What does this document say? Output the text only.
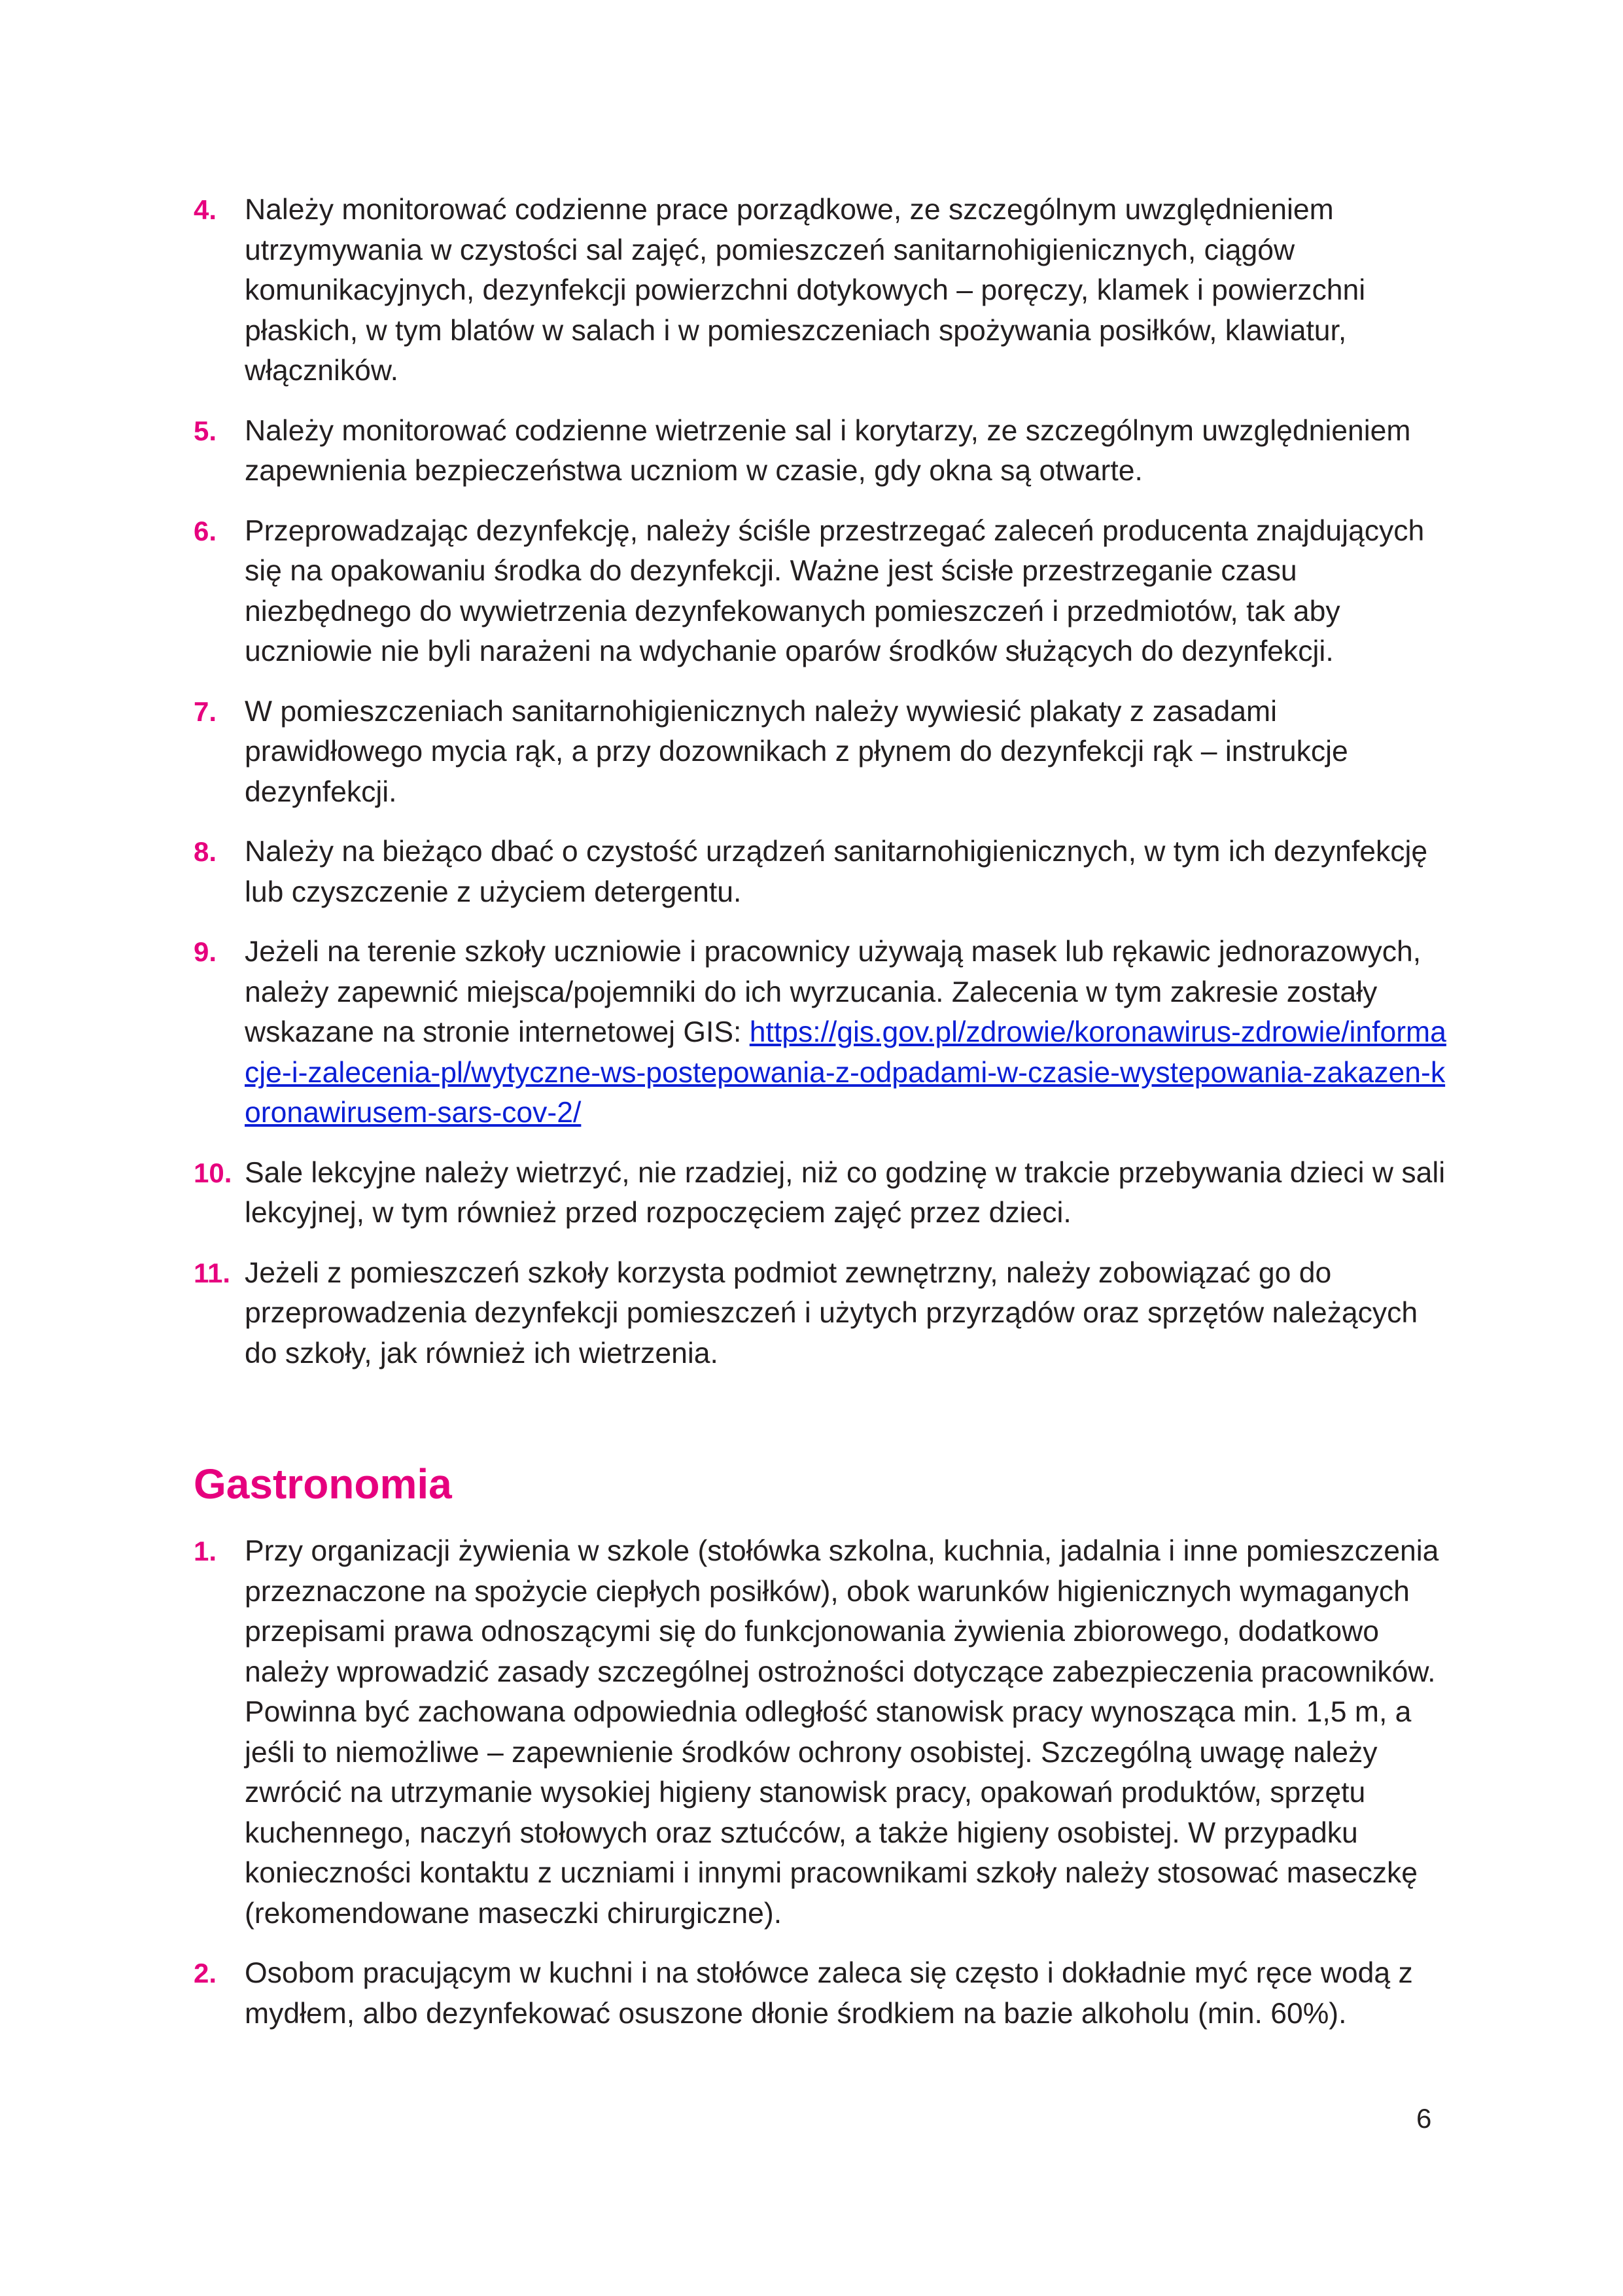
4. Należy monitorować codzienne prace porządkowe, ze szczególnym uwzględnieniem utrzymywania w czystości sal zajęć, pomieszczeń sanitarnohigienicznych, ciągów komunikacyjnych, dezynfekcji powierzchni dotykowych – poręczy, klamek i powierzchni płaskich, w tym blatów w salach i w pomieszczeniach spożywania posiłków, klawiatur, włączników.
5. Należy monitorować codzienne wietrzenie sal i korytarzy, ze szczególnym uwzględnieniem zapewnienia bezpieczeństwa uczniom w czasie, gdy okna są otwarte.
6. Przeprowadzając dezynfekcję, należy ściśle przestrzegać zaleceń producenta znajdujących się na opakowaniu środka do dezynfekcji. Ważne jest ścisłe przestrzeganie czasu niezbędnego do wywietrzenia dezynfekowanych pomieszczeń i przedmiotów, tak aby uczniowie nie byli narażeni na wdychanie oparów środków służących do dezynfekcji.
7. W pomieszczeniach sanitarnohigienicznych należy wywiesić plakaty z zasadami prawidłowego mycia rąk, a przy dozownikach z płynem do dezynfekcji rąk – instrukcje dezynfekcji.
8. Należy na bieżąco dbać o czystość urządzeń sanitarnohigienicznych, w tym ich dezynfekcję lub czyszczenie z użyciem detergentu.
9. Jeżeli na terenie szkoły uczniowie i pracownicy używają masek lub rękawic jednorazowych, należy zapewnić miejsca/pojemniki do ich wyrzucania. Zalecenia w tym zakresie zostały wskazane na stronie internetowej GIS: https://gis.gov.pl/zdrowie/koronawirus-zdrowie/informacje-i-zalecenia-pl/wytyczne-ws-postepowania-z-odpadami-w-czasie-wystepowania-zakazen-koronawirusem-sars-cov-2/
10. Sale lekcyjne należy wietrzyć, nie rzadziej, niż co godzinę w trakcie przebywania dzieci w sali lekcyjnej, w tym również przed rozpoczęciem zajęć przez dzieci.
11. Jeżeli z pomieszczeń szkoły korzysta podmiot zewnętrzny, należy zobowiązać go do przeprowadzenia dezynfekcji pomieszczeń i użytych przyrządów oraz sprzętów należących do szkoły, jak również ich wietrzenia.
Gastronomia
1. Przy organizacji żywienia w szkole (stołówka szkolna, kuchnia, jadalnia i inne pomieszczenia przeznaczone na spożycie ciepłych posiłków), obok warunków higienicznych wymaganych przepisami prawa odnoszącymi się do funkcjonowania żywienia zbiorowego, dodatkowo należy wprowadzić zasady szczególnej ostrożności dotyczące zabezpieczenia pracowników. Powinna być zachowana odpowiednia odległość stanowisk pracy wynosząca min. 1,5 m, a jeśli to niemożliwe – zapewnienie środków ochrony osobistej. Szczególną uwagę należy zwrócić na utrzymanie wysokiej higieny stanowisk pracy, opakowań produktów, sprzętu kuchennego, naczyń stołowych oraz sztućców, a także higieny osobistej. W przypadku konieczności kontaktu z uczniami i innymi pracownikami szkoły należy stosować maseczkę (rekomendowane maseczki chirurgiczne).
2. Osobom pracującym w kuchni i na stołówce zaleca się często i dokładnie myć ręce wodą z mydłem, albo dezynfekować osuszone dłonie środkiem na bazie alkoholu (min. 60%).
6
